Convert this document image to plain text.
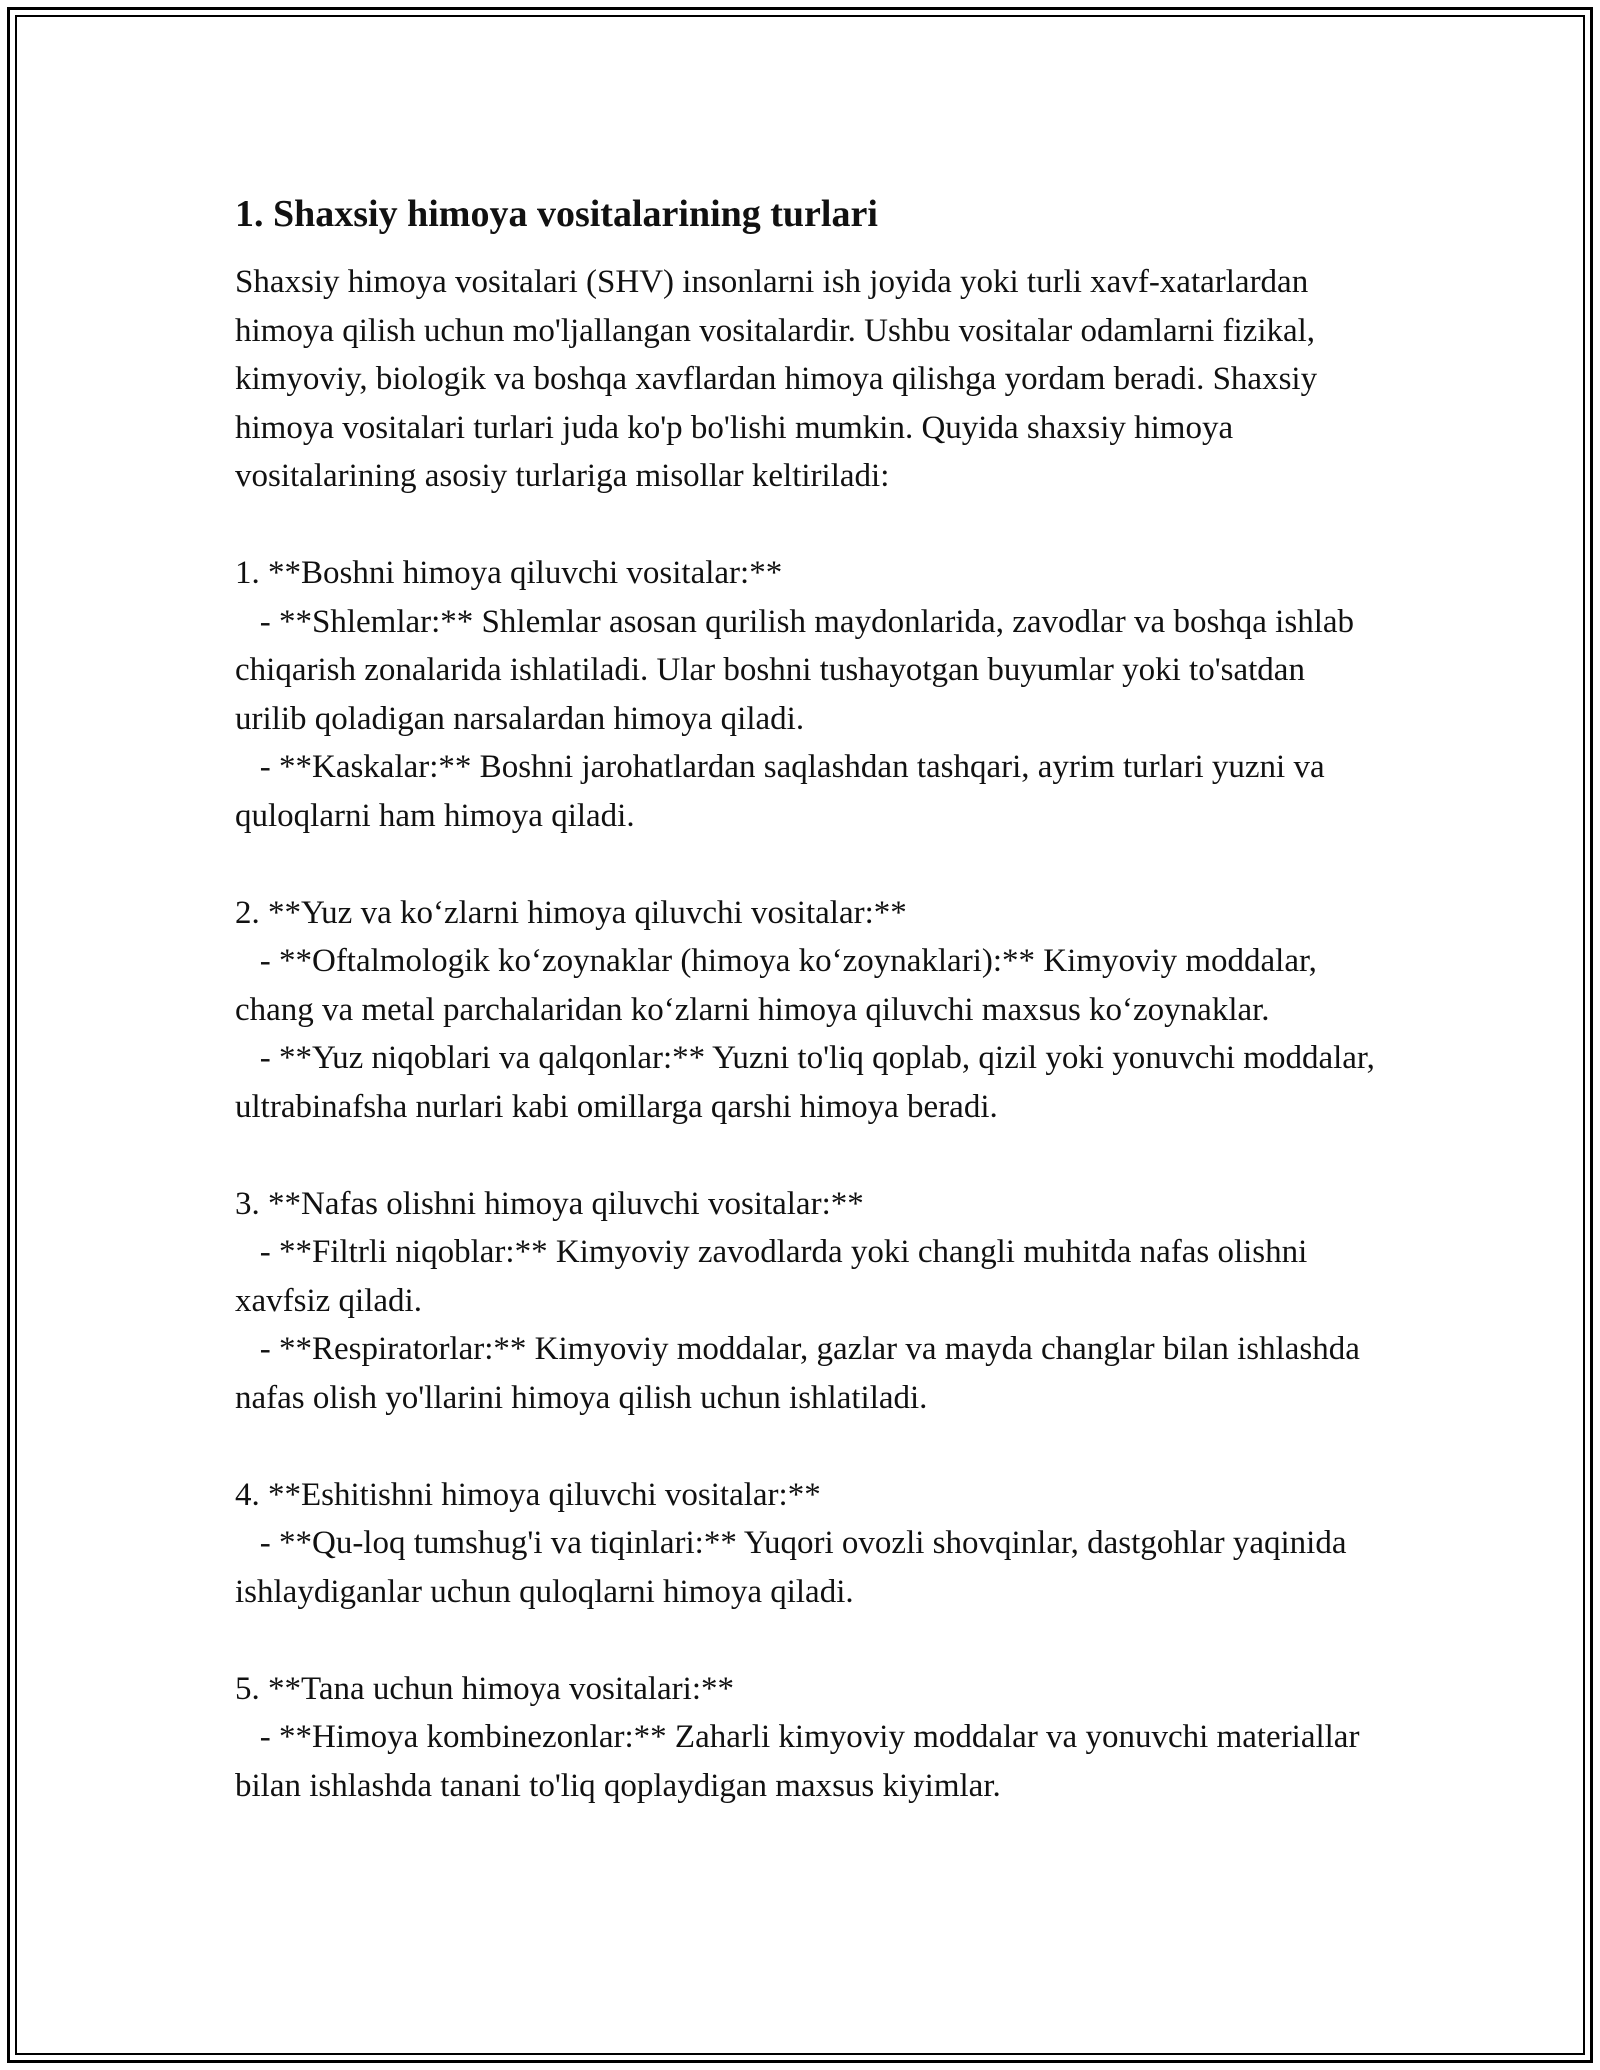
1. Shaxsiy himoya vositalarining turlari

Shaxsiy himoya vositalari (SHV) insonlarni ish joyida yoki turli xavf-xatarlardan himoya qilish uchun mo'ljallangan vositalardir. Ushbu vositalar odamlarni fizikal, kimyoviy, biologik va boshqa xavflardan himoya qilishga yordam beradi. Shaxsiy himoya vositalari turlari juda ko'p bo'lishi mumkin. Quyida shaxsiy himoya vositalarining asosiy turlariga misollar keltiriladi:

1. **Boshni himoya qiluvchi vositalar:**

- **Shlemlar:** Shlemlar asosan qurilish maydonlarida, zavodlar va boshqa ishlab chiqarish zonalarida ishlatiladi. Ular boshni tushayotgan buyumlar yoki to'satdan urilib qoladigan narsalardan himoya qiladi.

- **Kaskalar:** Boshni jarohatlardan saqlashdan tashqari, ayrim turlari yuzni va quloqlarni ham himoya qiladi.

2. **Yuz va koʻzlarni himoya qiluvchi vositalar:**

- **Oftalmologik koʻzoynaklar (himoya koʻzoynaklari):** Kimyoviy moddalar, chang va metal parchalaridan koʻzlarni himoya qiluvchi maxsus koʻzoynaklar.

- **Yuz niqoblari va qalqonlar:** Yuzni to'liq qoplab, qizil yoki yonuvchi moddalar, ultrabinafsha nurlari kabi omillarga qarshi himoya beradi.

3. **Nafas olishni himoya qiluvchi vositalar:**

- **Filtrli niqoblar:** Kimyoviy zavodlarda yoki changli muhitda nafas olishni xavfsiz qiladi.

- **Respiratorlar:** Kimyoviy moddalar, gazlar va mayda changlar bilan ishlashda nafas olish yo'llarini himoya qilish uchun ishlatiladi.

4. **Eshitishni himoya qiluvchi vositalar:**

- **Qu-loq tumshug'i va tiqinlari:** Yuqori ovozli shovqinlar, dastgohlar yaqinida ishlaydiganlar uchun quloqlarni himoya qiladi.

5. **Tana uchun himoya vositalari:**

- **Himoya kombinezonlar:** Zaharli kimyoviy moddalar va yonuvchi materiallar bilan ishlashda tanani to'liq qoplaydigan maxsus kiyimlar.
